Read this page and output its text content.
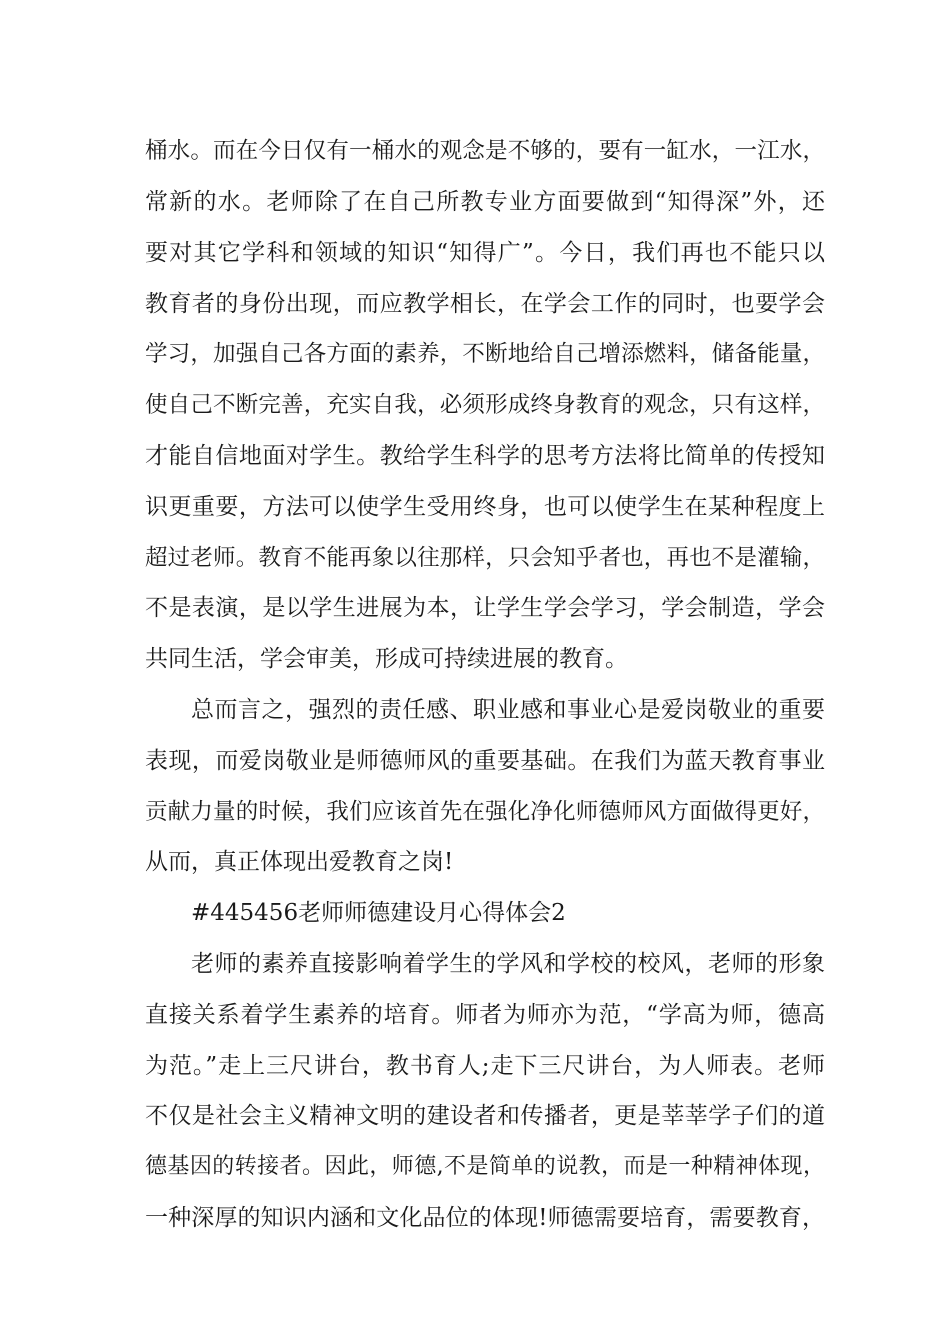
桶水。而在今日仅有一桶水的观念是不够的，要有一缸水，一江水，
常新的水。老师除了在自己所教专业方面要做到“知得深”外，还
要对其它学科和领域的知识“知得广”。今日，我们再也不能只以
教育者的身份出现，而应教学相长，在学会工作的同时，也要学会
学习，加强自己各方面的素养，不断地给自己增添燃料，储备能量，
使自己不断完善，充实自我，必须形成终身教育的观念，只有这样，
才能自信地面对学生。教给学生科学的思考方法将比简单的传授知
识更重要，方法可以使学生受用终身，也可以使学生在某种程度上
超过老师。教育不能再象以往那样，只会知乎者也，再也不是灌输，
不是表演，是以学生进展为本，让学生学会学习，学会制造，学会
共同生活，学会审美，形成可持续进展的教育。
总而言之，强烈的责任感、职业感和事业心是爱岗敬业的重要
表现，而爱岗敬业是师德师风的重要基础。在我们为蓝天教育事业
贡献力量的时候，我们应该首先在强化净化师德师风方面做得更好，
从而，真正体现出爱教育之岗!
#445456老师师德建设月心得体会2
老师的素养直接影响着学生的学风和学校的校风，老师的形象
直接关系着学生素养的培育。师者为师亦为范，“学高为师，德高
为范。”走上三尺讲台，教书育人;走下三尺讲台，为人师表。老师
不仅是社会主义精神文明的建设者和传播者，更是莘莘学子们的道
德基因的转接者。因此，师德,不是简单的说教，而是一种精神体现，
一种深厚的知识内涵和文化品位的体现!师德需要培育，需要教育，
